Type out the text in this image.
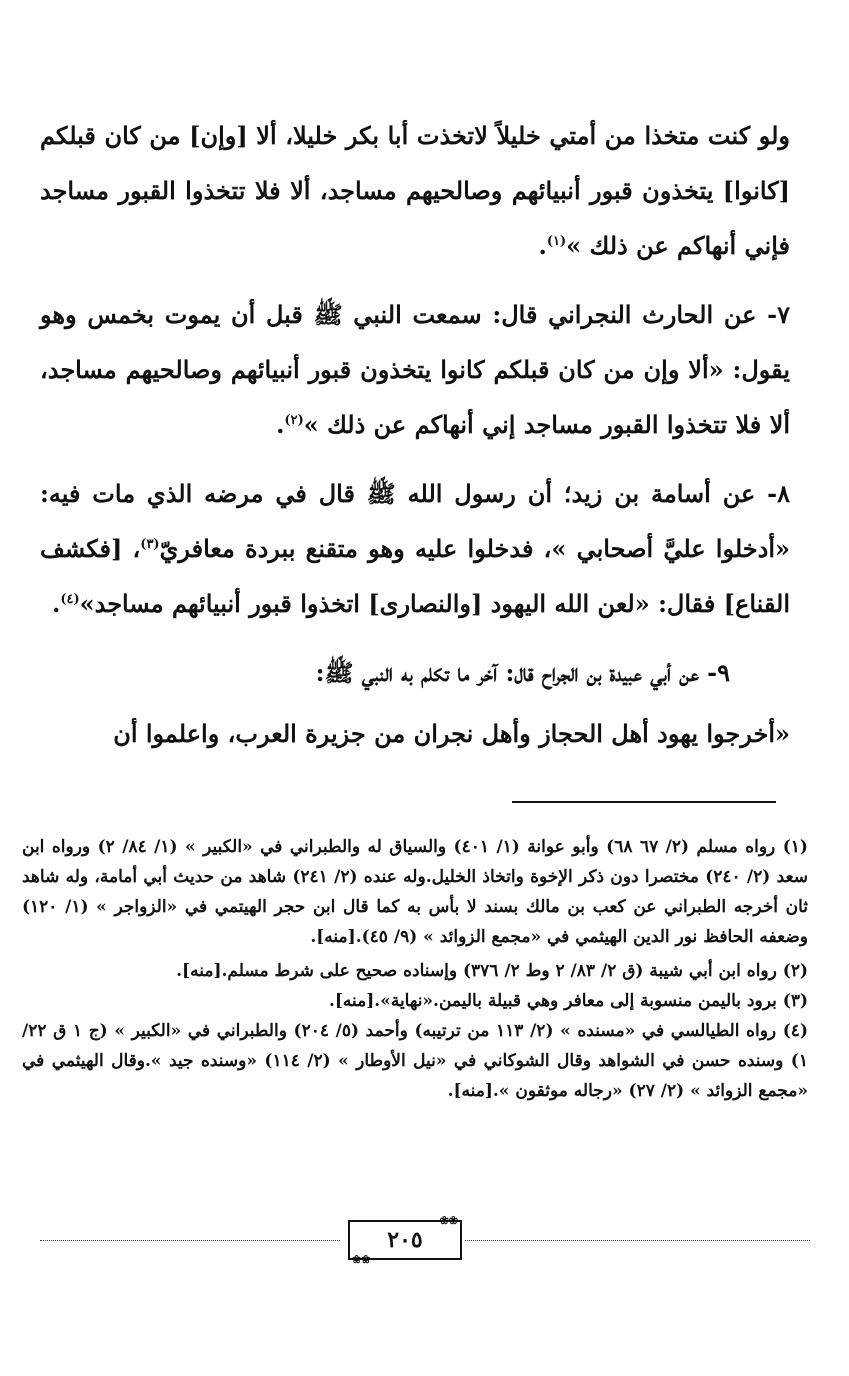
ولو كنت متخذا من أمتي خليلاً لاتخذت أبا بكر خليلا، ألا [وإن] من كان قبلكم [كانوا] يتخذون قبور أنبيائهم وصالحيهم مساجد، ألا فلا تتخذوا القبور مساجد فإني أنهاكم عن ذلك »$^{(١)}$.

٧- عن الحارث النجراني قال: سمعت النبي ﷺ قبل أن يموت بخمس وهو يقول: «ألا وإن من كان قبلكم كانوا يتخذون قبور أنبيائهم وصالحيهم مساجد، ألا فلا تتخذوا القبور مساجد إني أنهاكم عن ذلك »$^{(٢)}$.

٨- عن أسامة بن زيد؛ أن رسول الله ﷺ قال في مرضه الذي مات فيه: «أدخلوا عليَّ أصحابي »، فدخلوا عليه وهو متقنع ببردة معافريّ$^{(٣)}$، [فكشف القناع] فقال: «لعن الله اليهود [والنصارى] اتخذوا قبور أنبيائهم مساجد»$^{(٤)}$.

٩- عن أبي عبيدة بن الجراح قال: آخر ما تكلم به النبي ﷺ:

«أخرجوا يهود أهل الحجاز وأهل نجران من جزيرة العرب، واعلموا أن

(١) رواه مسلم (٢/ ٦٧ ٦٨) وأبو عوانة (١/ ٤٠١) والسياق له والطبراني في «الكبير » (١/ ٨٤/ ٢) ورواه ابن سعد (٢/ ٢٤٠) مختصرا دون ذكر الإخوة واتخاذ الخليل.وله عنده (٢/ ٢٤١) شاهد من حديث أبي أمامة، وله شاهد ثان أخرجه الطبراني عن كعب بن مالك بسند لا بأس به كما قال ابن حجر الهيتمي في «الزواجر » (١/ ١٢٠) وضعفه الحافظ نور الدين الهيثمي في «مجمع الزوائد » (٩/ ٤٥).[منه].

(٢) رواه ابن أبي شيبة (ق ٢/ ٨٣/ ٢ وط ٢/ ٣٧٦) وإسناده صحيح على شرط مسلم.[منه].

(٣) برود باليمن منسوبة إلى معافر وهي قبيلة باليمن.«نهاية».[منه].

(٤) رواه الطيالسي في «مسنده » (٢/ ١١٣ من ترتيبه) وأحمد (٥/ ٢٠٤) والطبراني في «الكبير » (ج ١ ق ٢٢/ ١) وسنده حسن في الشواهد وقال الشوكاني في «نيل الأوطار » (٢/ ١١٤) «وسنده جيد ».وقال الهيثمي في «مجمع الزوائد » (٢/ ٢٧) «رجاله موثقون ».[منه].

❀❀
٢٠٥
❀❀
